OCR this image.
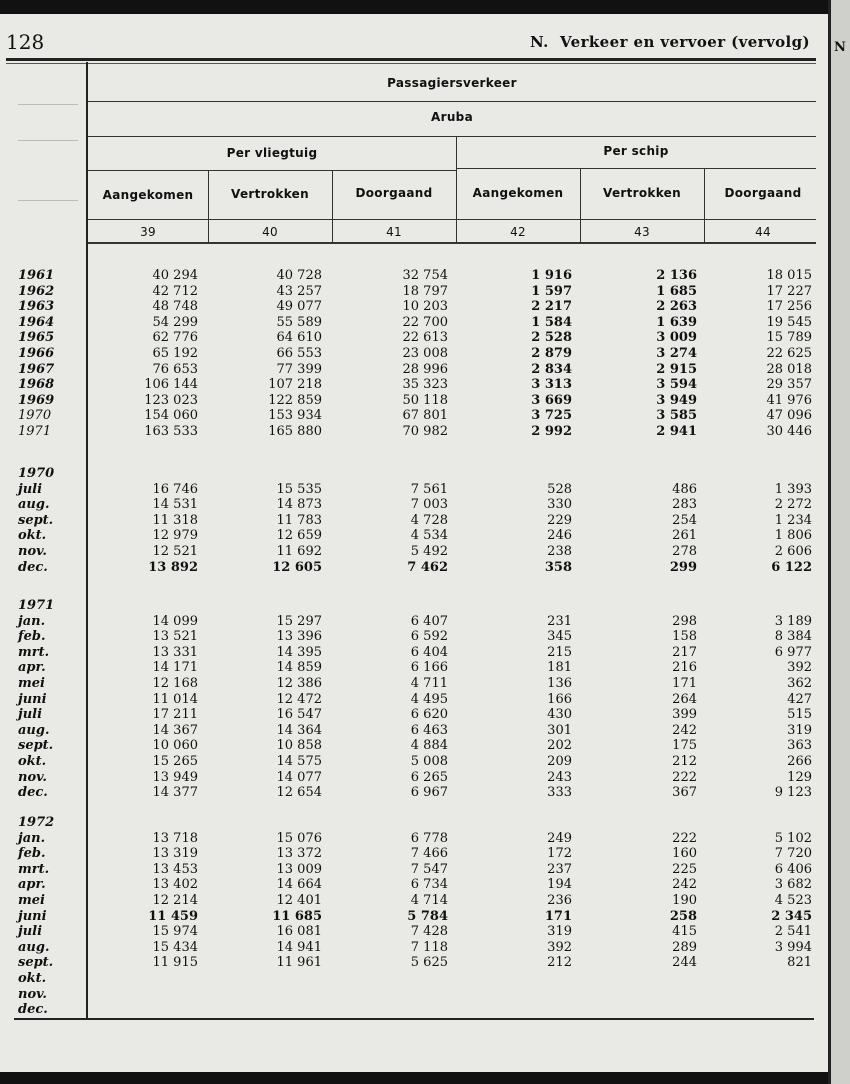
128	N. Verkeer en vervoer (vervolg)
Passagiersverkeer
Aruba
Per vliegtuig	Per schip
Aangekomen	Vertrokken	Doorgaand	Aangekomen	Vertrokken	Doorgaand
39	40	41	42	43	44
1961	40 294	40 728	32 754	1 916	2 136	18 015
1962	42 712	43 257	18 797	1 597	1 685	17 227
1963	48 748	49 077	10 203	2 217	2 263	17 256
1964	54 299	55 589	22 700	1 584	1 639	19 545
1965	62 776	64 610	22 613	2 528	3 009	15 789
1966	65 192	66 553	23 008	2 879	3 274	22 625
1967	76 653	77 399	28 996	2 834	2 915	28 018
1968	106 144	107 218	35 323	3 313	3 594	29 357
1969	123 023	122 859	50 118	3 669	3 949	41 976
1970	154 060	153 934	67 801	3 725	3 585	47 096
1971	163 533	165 880	70 982	2 992	2 941	30 446
1970
juli	16 746	15 535	7 561	528	486	1 393
aug.	14 531	14 873	7 003	330	283	2 272
sept.	11 318	11 783	4 728	229	254	1 234
okt.	12 979	12 659	4 534	246	261	1 806
nov.	12 521	11 692	5 492	238	278	2 606
dec.	13 892	12 605	7 462	358	299	6 122
1971
jan.	14 099	15 297	6 407	231	298	3 189
feb.	13 521	13 396	6 592	345	158	8 384
mrt.	13 331	14 395	6 404	215	217	6 977
apr.	14 171	14 859	6 166	181	216	392
mei	12 168	12 386	4 711	136	171	362
juni	11 014	12 472	4 495	166	264	427
juli	17 211	16 547	6 620	430	399	515
aug.	14 367	14 364	6 463	301	242	319
sept.	10 060	10 858	4 884	202	175	363
okt.	15 265	14 575	5 008	209	212	266
nov.	13 949	14 077	6 265	243	222	129
dec.	14 377	12 654	6 967	333	367	9 123
1972
jan.	13 718	15 076	6 778	249	222	5 102
feb.	13 319	13 372	7 466	172	160	7 720
mrt.	13 453	13 009	7 547	237	225	6 406
apr.	13 402	14 664	6 734	194	242	3 682
mei	12 214	12 401	4 714	236	190	4 523
juni	11 459	11 685	5 784	171	258	2 345
juli	15 974	16 081	7 428	319	415	2 541
aug.	15 434	14 941	7 118	392	289	3 994
sept.	11 915	11 961	5 625	212	244	821
okt.
nov.
dec.
N
